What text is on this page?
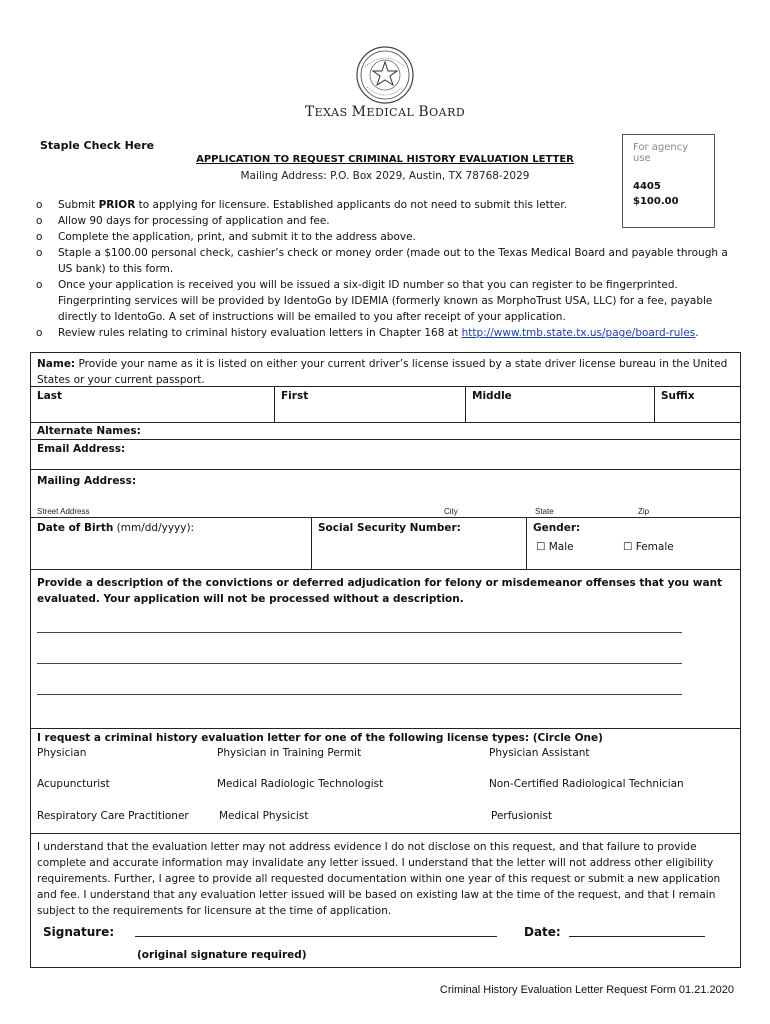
TEXAS MEDICAL BOARD
Staple Check Here	For agency use
4405
$100.00
APPLICATION TO REQUEST CRIMINAL HISTORY EVALUATION LETTER
Mailing Address: P.O. Box 2029, Austin, TX 78768-2029
o Submit PRIOR to applying for licensure. Established applicants do not need to submit this letter.
o Allow 90 days for processing of application and fee.
o Complete the application, print, and submit it to the address above.
o Staple a $100.00 personal check, cashier’s check or money order (made out to the Texas Medical Board and payable through a US bank) to this form.
o Once your application is received you will be issued a six-digit ID number so that you can register to be fingerprinted. Fingerprinting services will be provided by IdentoGo by IDEMIA (formerly known as MorphoTrust USA, LLC) for a fee, payable directly to IdentoGo. A set of instructions will be emailed to you after receipt of your application.
o Review rules relating to criminal history evaluation letters in Chapter 168 at http://www.tmb.state.tx.us/page/board-rules.
Name: Provide your name as it is listed on either your current driver’s license issued by a state driver license bureau in the United States or your current passport.
Last	First	Middle	Suffix
Alternate Names:
Email Address:
Mailing Address:
Street Address	City	State	Zip
Date of Birth (mm/dd/yyyy):	Social Security Number:	Gender:
☐ Male	☐ Female
Provide a description of the convictions or deferred adjudication for felony or misdemeanor offenses that you want evaluated. Your application will not be processed without a description.
I request a criminal history evaluation letter for one of the following license types: (Circle One)
Physician	Physician in Training Permit	Physician Assistant
Acupuncturist	Medical Radiologic Technologist	Non-Certified Radiological Technician
Respiratory Care Practitioner	Medical Physicist	Perfusionist
I understand that the evaluation letter may not address evidence I do not disclose on this request, and that failure to provide complete and accurate information may invalidate any letter issued. I understand that the letter will not address other eligibility requirements. Further, I agree to provide all requested documentation within one year of this request or submit a new application and fee. I understand that any evaluation letter issued will be based on existing law at the time of the request, and that I remain subject to the requirements for licensure at the time of application.
Signature:	Date:
(original signature required)
Criminal History Evaluation Letter Request Form 01.21.2020
